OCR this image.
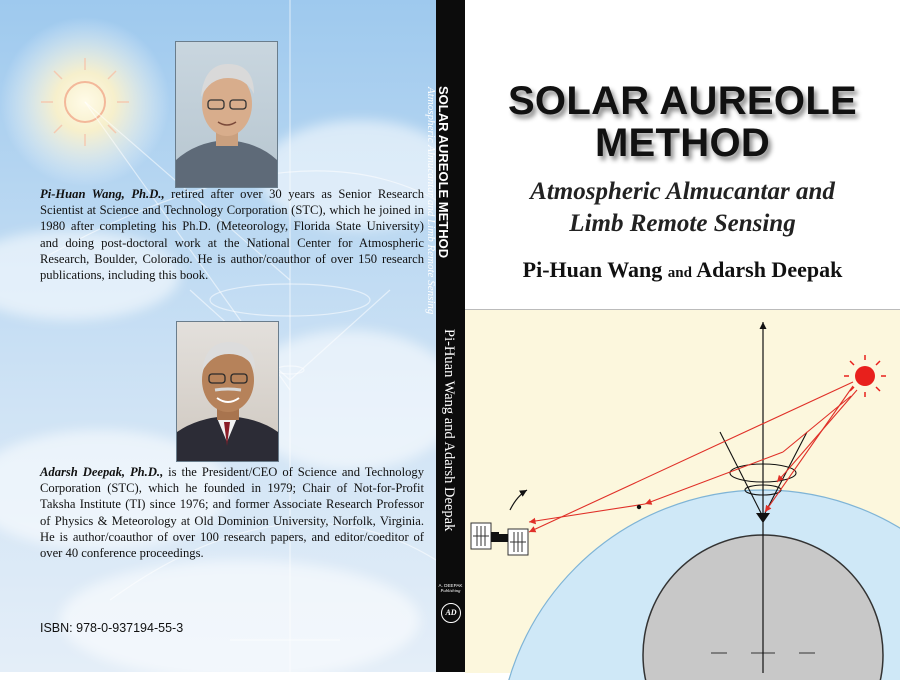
Pi-Huan Wang, Ph.D., retired after over 30 years as Senior Research Scientist at Science and Technology Corporation (STC), which he joined in 1980 after completing his Ph.D. (Meteorology, Florida State University) and doing post-doctoral work at the National Center for Atmospheric Research, Boulder, Colorado. He is author/coauthor of over 150 research publications, including this book.

Adarsh Deepak, Ph.D., is the President/CEO of Science and Technology Corporation (STC), which he founded in 1979; Chair of Not-for-Profit Taksha Institute (TI) since 1976; and former Associate Research Professor of Physics & Meteorology at Old Dominion University, Norfolk, Virginia. He is author/coauthor of over 100 research papers, and editor/coeditor of over 40 conference proceedings.

ISBN: 978-0-937194-55-3
SOLAR AUREOLE METHOD
Atmospheric Almucantar and Limb Remote Sensing
Pi-Huan Wang and Adarsh Deepak
A. DEEPAK
Publishing
AD
SOLAR AUREOLE
METHOD
Atmospheric Almucantar and
Limb Remote Sensing

Pi-Huan Wang and Adarsh Deepak
